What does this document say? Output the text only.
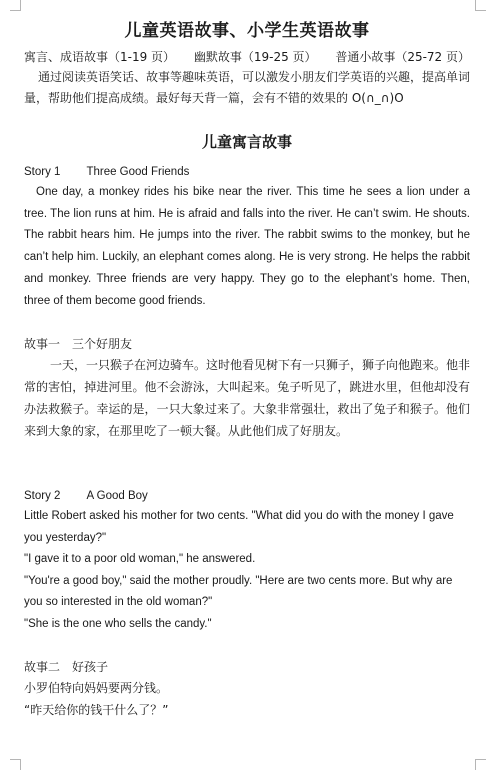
儿童英语故事、小学生英语故事
寓言、成语故事（1-19 页） 幽默故事（19-25 页） 普通小故事（25-72 页）

通过阅读英语笑话、故事等趣味英语，可以激发小朋友们学英语的兴趣，提高单词量，帮助他们提高成绩。最好每天背一篇，会有不错的效果的 O(∩_∩)O

儿童寓言故事

Story 1 Three Good Friends

One day, a monkey rides his bike near the river. This time he sees a lion under a tree. The lion runs at him. He is afraid and falls into the river. He can’t swim. He shouts. The rabbit hears him. He jumps into the river. The rabbit swims to the monkey, but he can’t help him. Luckily, an elephant comes along. He is very strong. He helps the rabbit and monkey. Three friends are very happy. They go to the elephant’s home. Then, three of them become good friends.

故事一 三个好朋友

一天，一只猴子在河边骑车。这时他看见树下有一只狮子，狮子向他跑来。他非常的害怕，掉进河里。他不会游泳，大叫起来。兔子听见了，跳进水里，但他却没有办法救猴子。幸运的是，一只大象过来了。大象非常强壮，救出了兔子和猴子。他们来到大象的家，在那里吃了一顿大餐。从此他们成了好朋友。

Story 2 A Good Boy

Little Robert asked his mother for two cents. "What did you do with the money I gave you yesterday?"

"I gave it to a poor old woman," he answered.

"You're a good boy," said the mother proudly. "Here are two cents more. But why are you so interested in the old woman?"

"She is the one who sells the candy."

故事二 好孩子

小罗伯特向妈妈要两分钱。

“昨天给你的钱干什么了？”
